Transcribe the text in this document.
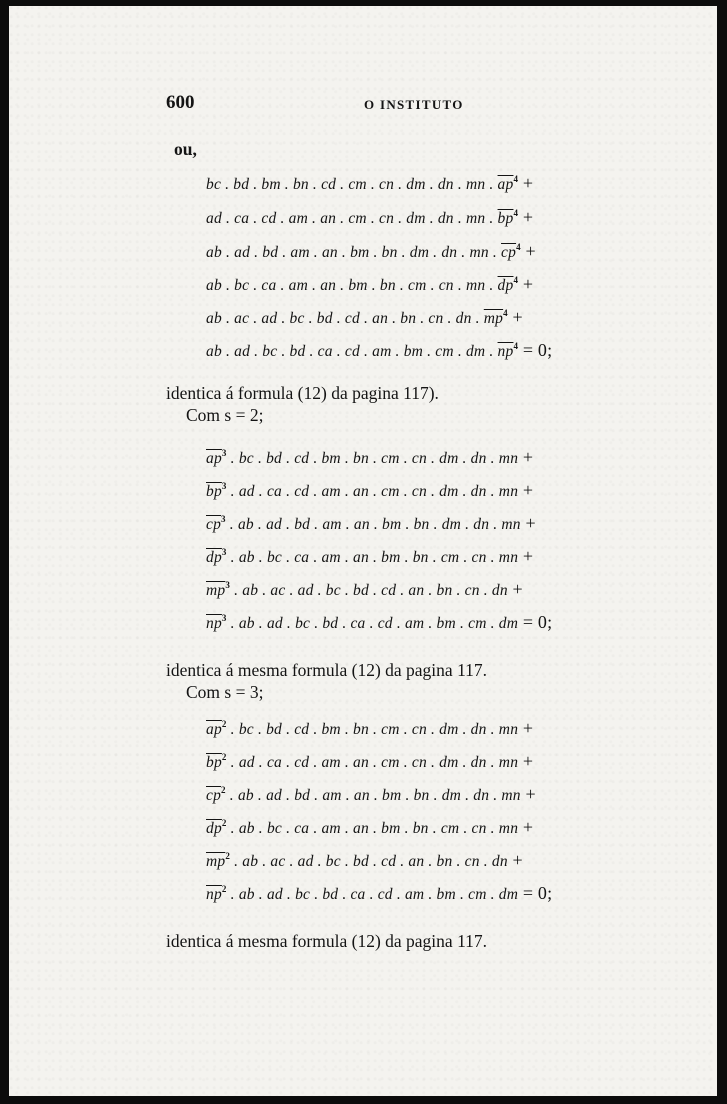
600	O INSTITUTO
ou,
bc . bd . bm . bn . cd . cm . cn . dm . dn . mn . $\overline{ap}^4$ +
ad . ca . cd . am . an . cm . cn . dm . dn . mn . $\overline{bp}^4$ +
ab . ad . bd . am . an . bm . bn . dm . dn . mn . $\overline{cp}^4$ +
ab . bc . ca . am . an . bm . bn . cm . cn . mn . $\overline{dp}^4$ +
ab . ac . ad . bc . bd . cd . an . bn . cn . dn . $\overline{mp}^4$ +
ab . ad . bc . bd . ca . cd . am . bm . cm . dm . $\overline{np}^4 = 0$;
identica á formula (12) da pagina 117).
Com s = 2;
$\overline{ap}^3$ . bc . bd . cd . bm . bn . cm . cn . dm . dn . mn +
$\overline{bp}^3$ . ad . ca . cd . am . an . cm . cn . dm . dn . mn +
$\overline{cp}^3$ . ab . ad . bd . am . an . bm . bn . dm . dn . mn +
$\overline{dp}^3$ . ab . bc . ca . am . an . bm . bn . cm . cn . mn +
$\overline{mp}^3$ . ab . ac . ad . bc . bd . cd . an . bn . cn . dn +
$\overline{np}^3$ . ab . ad . bc . bd . ca . cd . am . bm . cm . dm = 0;
identica á mesma formula (12) da pagina 117.
Com s = 3;
$\overline{ap}^2$ . bc . bd . cd . bm . bn . cm . cn . dm . dn . mn +
$\overline{bp}^2$ . ad . ca . cd . am . an . cm . cn . dm . dn . mn +
$\overline{cp}^2$ . ab . ad . bd . am . an . bm . bn . dm . dn . mn +
$\overline{dp}^2$ . ab . bc . ca . am . an . bm . bn . cm . cn . mn +
$\overline{mp}^2$ . ab . ac . ad . bc . bd . cd . an . bn . cn . dn +
$\overline{np}^2$ . ab . ad . bc . bd . ca . cd . am . bm . cm . dm = 0;
identica á mesma formula (12) da pagina 117.
